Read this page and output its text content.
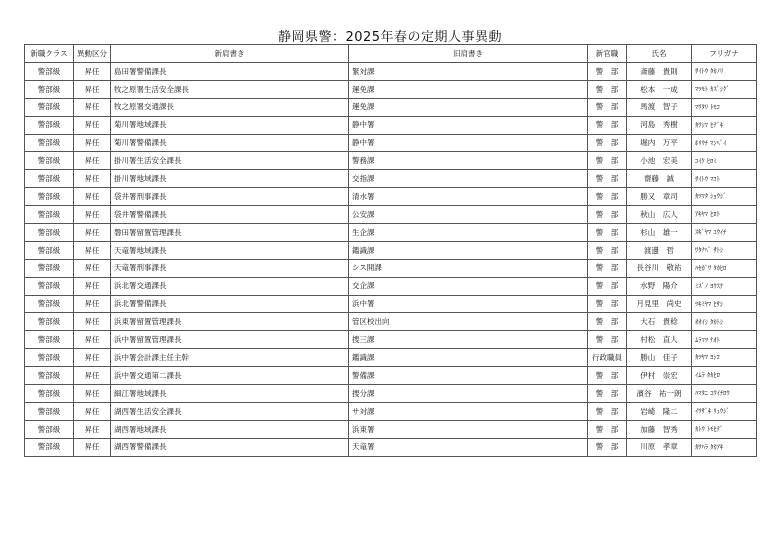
静岡県警：2025年春の定期人事異動
新職クラス	異動区分	新肩書き	旧肩書き	新官職	氏名	フリガナ
警部級	昇任	島田署警備課長	緊対課	警　部	斎藤　貴則	ｻｲﾄｳ ﾀｶﾉﾘ
警部級	昇任	牧之原署生活安全課長	運免課	警　部	松本　一成	ﾏﾂﾓﾄ ｶｽﾞｼｹﾞ
警部級	昇任	牧之原署交通課長	運免課	警　部	馬渡　智子	ﾏﾜﾀﾘ ﾄﾓｺ
警部級	昇任	菊川署地域課長	静中署	警　部	河島　秀樹	ｶﾜｼﾏ ﾋﾃﾞｷ
警部級	昇任	菊川署警備課長	静中署	警　部	堀内　万平	ﾎﾘｳﾁ ﾏﾝﾍﾟｲ
警部級	昇任	掛川署生活安全課長	警務課	警　部	小池　宏美	ｺｲｹ ﾋﾛﾐ
警部級	昇任	掛川署地域課長	交指課	警　部	齋藤　誠	ｻｲﾄｳ ﾏｺﾄ
警部級	昇任	袋井署刑事課長	清水署	警　部	勝又　章司	ｶﾂﾏﾀ ｼｮｳｼﾞ
警部級	昇任	袋井署警備課長	公安課	警　部	秋山　広人	ｱｷﾔﾏ ﾋﾛﾄ
警部級	昇任	磐田署留置管理課長	生企課	警　部	杉山　雄一	ｽｷﾞﾔﾏ ﾕｳｲﾁ
警部級	昇任	天竜署地域課長	鑑識課	警　部	渡邊　哲	ﾜﾀﾅﾍﾞ ｻﾄｼ
警部級	昇任	天竜署刑事課長	シス開課	警　部	長谷川　敬祐	ﾊｾｶﾞﾜ ﾀｶﾋﾛ
警部級	昇任	浜北署交通課長	交企課	警　部	水野　陽介	ﾐｽﾞﾉ ﾖｳｽｹ
警部級	昇任	浜北署警備課長	浜中署	警　部	月見里　尚史	ﾂｷﾐﾔﾏ ﾋｻｼ
警部級	昇任	浜東署留置管理課長	管区校出向	警　部	大石　貴稔	ｵｵｲｼ ﾀｶﾄｼ
警部級	昇任	浜中署留置管理課長	捜三課	警　部	村松　直人	ﾑﾗﾏﾂ ﾅｵﾄ
警部級	昇任	浜中署会計課主任主幹	鑑識課	行政職員	勝山　佳子	ｶﾂﾔﾏ ﾖｼｺ
警部級	昇任	浜中署交通第二課長	警備課	警　部	伊村　崇宏	ｲﾑﾗ ﾀｶﾋﾛ
警部級	昇任	細江署地域課長	捜分課	警　部	濱谷　祐一朗	ﾊﾏﾀﾆ ﾕｳｲﾁﾛｳ
警部級	昇任	湖西署生活安全課長	サ対課	警　部	岩崎　隆二	ｲﾜｻﾞｷ ﾘｭｳｼﾞ
警部級	昇任	湖西署地域課長	浜東署	警　部	加藤　智秀	ｶﾄｳ ﾄﾓﾋﾃﾞ
警部級	昇任	湖西署警備課長	天竜署	警　部	川原　孝章	ｶﾜﾊﾗ ﾀｶｱｷ
